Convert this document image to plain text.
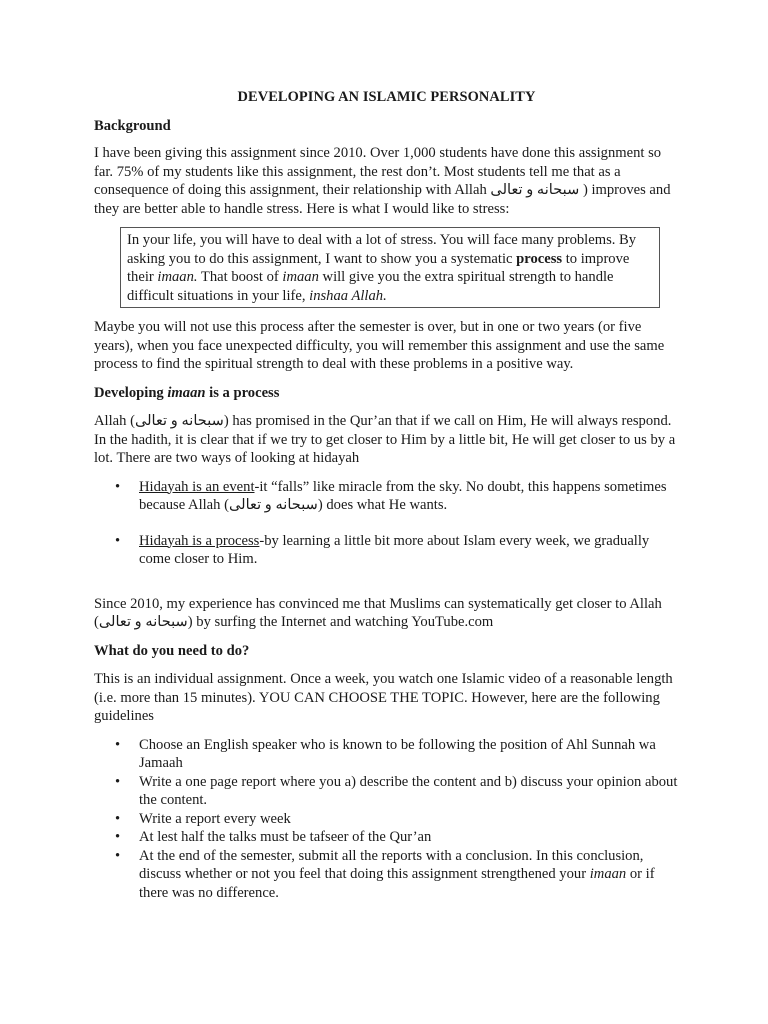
DEVELOPING AN ISLAMIC PERSONALITY

Background

I have been giving this assignment since 2010. Over 1,000 students have done this assignment so far. 75% of my students like this assignment, the rest don’t. Most students tell me that as a consequence of doing this assignment, their relationship with Allah سبحانه و تعالى ) improves and they are better able to handle stress. Here is what I would like to stress:

In your life, you will have to deal with a lot of stress. You will face many problems. By asking you to do this assignment, I want to show you a systematic process to improve their imaan. That boost of imaan will give you the extra spiritual strength to handle difficult situations in your life, inshaa Allah.

Maybe you will not use this process after the semester is over, but in one or two years (or five years), when you face unexpected difficulty, you will remember this assignment and use the same process to find the spiritual strength to deal with these problems in a positive way.

Developing imaan is a process

Allah (سبحانه و تعالى) has promised in the Qur’an that if we call on Him, He will always respond. In the hadith, it is clear that if we try to get closer to Him by a little bit, He will get closer to us by a lot. There are two ways of looking at hidayah

• Hidayah is an event-it “falls” like miracle from the sky. No doubt, this happens sometimes because Allah (سبحانه و تعالى) does what He wants.
• Hidayah is a process-by learning a little bit more about Islam every week, we gradually come closer to Him.

Since 2010, my experience has convinced me that Muslims can systematically get closer to Allah (سبحانه و تعالى) by surfing the Internet and watching YouTube.com

What do you need to do?

This is an individual assignment. Once a week, you watch one Islamic video of a reasonable length (i.e. more than 15 minutes). YOU CAN CHOOSE THE TOPIC. However, here are the following guidelines

• Choose an English speaker who is known to be following the position of Ahl Sunnah wa Jamaah
• Write a one page report where you a) describe the content and b) discuss your opinion about the content.
• Write a report every week
• At lest half the talks must be tafseer of the Qur’an
• At the end of the semester, submit all the reports with a conclusion. In this conclusion, discuss whether or not you feel that doing this assignment strengthened your imaan or if there was no difference.
